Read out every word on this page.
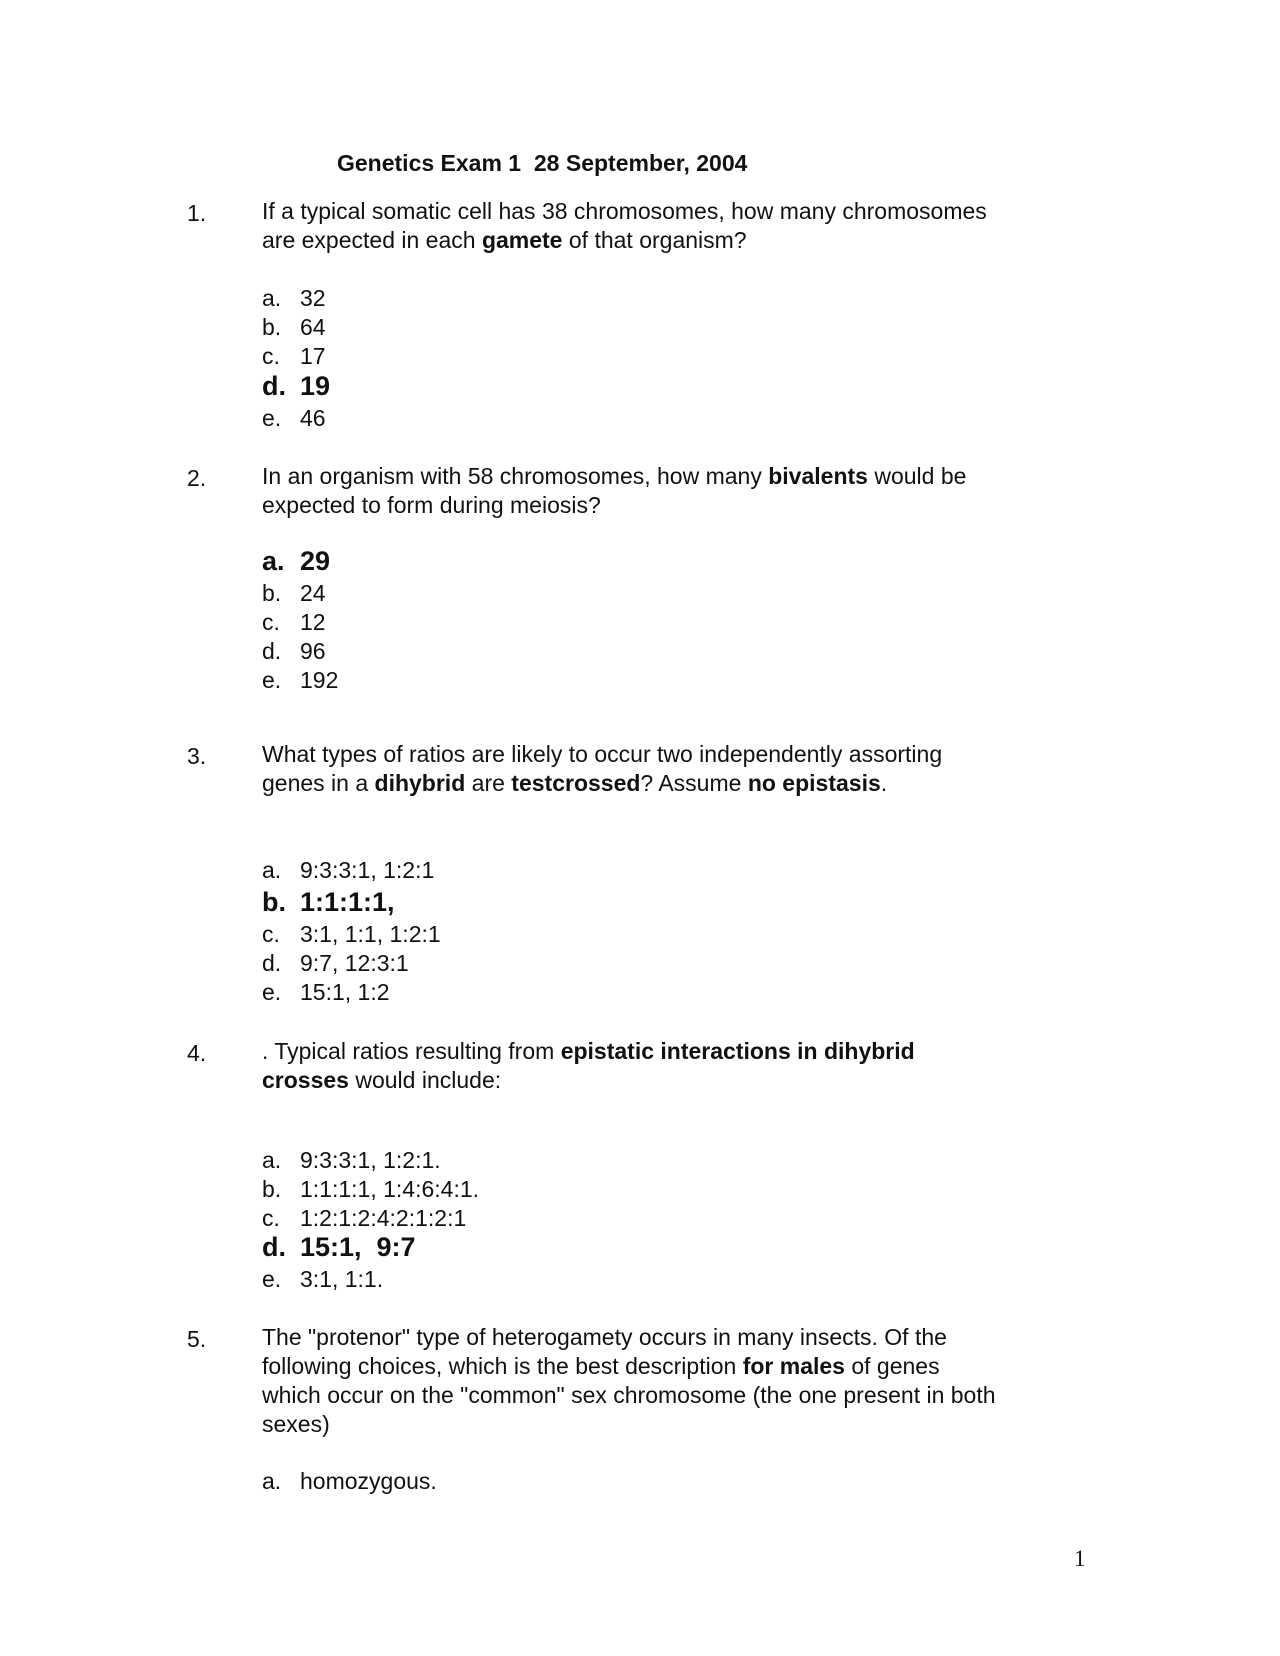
Genetics Exam 1  28 September, 2004
1. If a typical somatic cell has 38 chromosomes, how many chromosomes are expected in each gamete of that organism?
a. 32
b. 64
c. 17
d. 19
e. 46
2. In an organism with 58 chromosomes, how many bivalents would be expected to form during meiosis?
a. 29
b. 24
c. 12
d. 96
e. 192
3. What types of ratios are likely to occur two independently assorting genes in a dihybrid are testcrossed? Assume no epistasis.
a. 9:3:3:1, 1:2:1
b. 1:1:1:1,
c. 3:1, 1:1, 1:2:1
d. 9:7, 12:3:1
e. 15:1, 1:2
4. . Typical ratios resulting from epistatic interactions in dihybrid crosses would include:
a. 9:3:3:1, 1:2:1.
b. 1:1:1:1, 1:4:6:4:1.
c. 1:2:1:2:4:2:1:2:1
d. 15:1,  9:7
e. 3:1, 1:1.
5. The "protenor" type of heterogamety occurs in many insects. Of the following choices, which is the best description for males of genes which occur on the "common" sex chromosome (the one present in both sexes)
a. homozygous.
1
